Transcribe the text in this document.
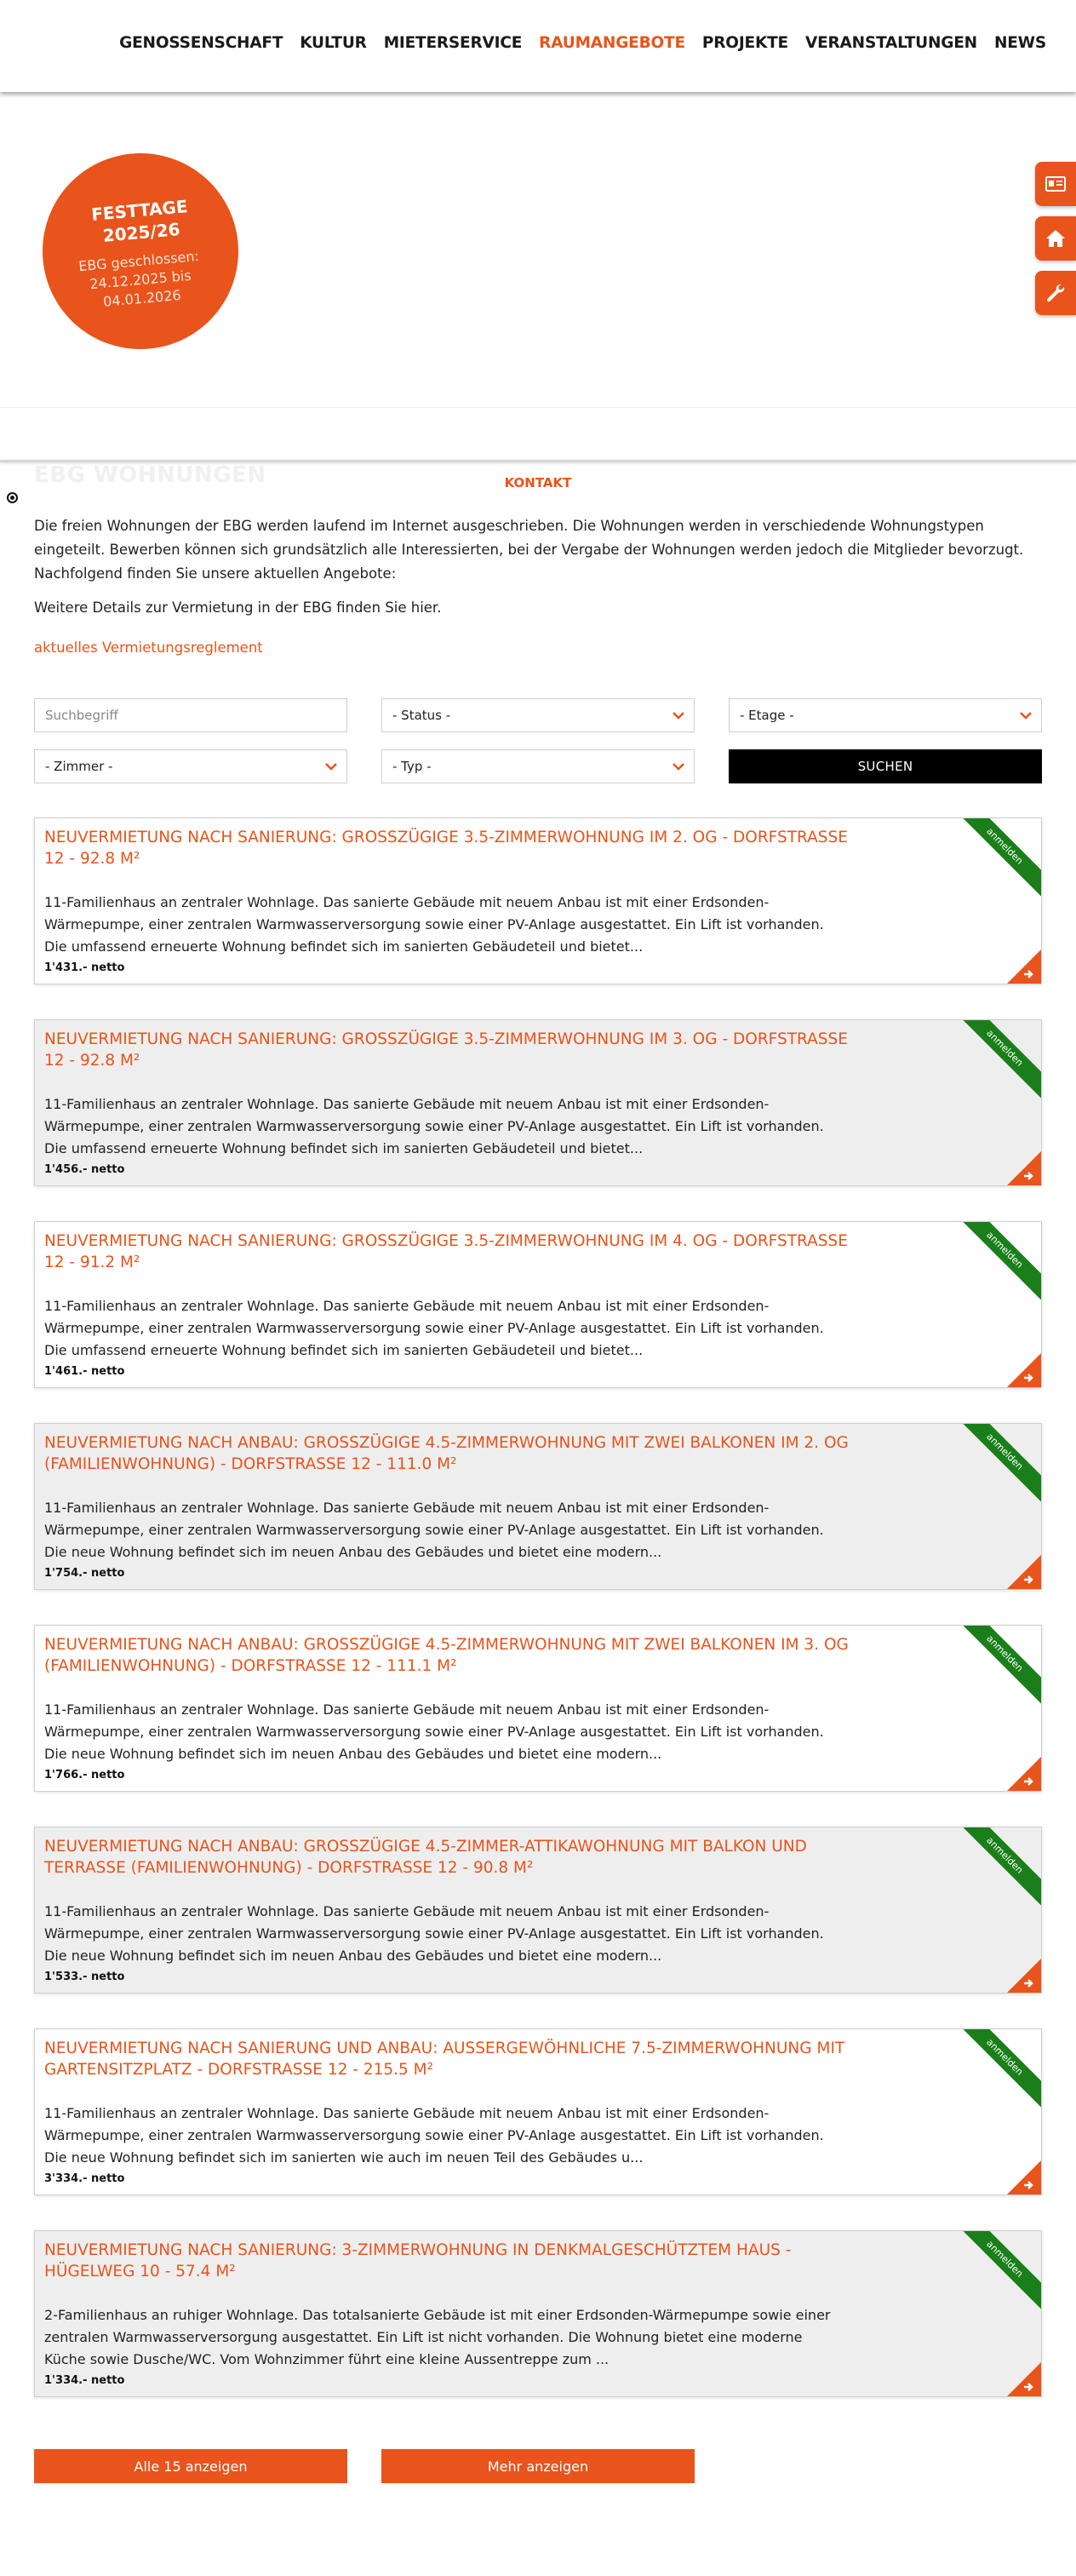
GENOSSENSCHAFT KULTUR MIETERSERVICE RAUMANGEBOTE PROJEKTE VERANSTALTUNGEN NEWS
FESTTAGE
2025/26
EBG geschlossen:
24.12.2025 bis
04.01.2026
EBG WOHNUNGEN	KONTAKT

Die freien Wohnungen der EBG werden laufend im Internet ausgeschrieben. Die Wohnungen werden in verschiedende Wohnungstypen eingeteilt. Bewerben können sich grundsätzlich alle Interessierten, bei der Vergabe der Wohnungen werden jedoch die Mitglieder bevorzugt. Nachfolgend finden Sie unsere aktuellen Angebote:

Weitere Details zur Vermietung in der EBG finden Sie hier.

aktuelles Vermietungsreglement
Suchbegriff
- Status -	- Etage -
- Zimmer -	- Typ -	SUCHEN
NEUVERMIETUNG NACH SANIERUNG: GROSSZÜGIGE 3.5-ZIMMERWOHNUNG IM 2. OG - DORFSTRASSE 12 - 92.8 M²
11-Familienhaus an zentraler Wohnlage. Das sanierte Gebäude mit neuem Anbau ist mit einer Erdsonden-Wärmepumpe, einer zentralen Warmwasserversorgung sowie einer PV-Anlage ausgestattet. Ein Lift ist vorhanden. Die umfassend erneuerte Wohnung befindet sich im sanierten Gebäudeteil und bietet...
1'431.- netto
anmelden
NEUVERMIETUNG NACH SANIERUNG: GROSSZÜGIGE 3.5-ZIMMERWOHNUNG IM 3. OG - DORFSTRASSE 12 - 92.8 M²
11-Familienhaus an zentraler Wohnlage. Das sanierte Gebäude mit neuem Anbau ist mit einer Erdsonden-Wärmepumpe, einer zentralen Warmwasserversorgung sowie einer PV-Anlage ausgestattet. Ein Lift ist vorhanden. Die umfassend erneuerte Wohnung befindet sich im sanierten Gebäudeteil und bietet...
1'456.- netto
anmelden
NEUVERMIETUNG NACH SANIERUNG: GROSSZÜGIGE 3.5-ZIMMERWOHNUNG IM 4. OG - DORFSTRASSE 12 - 91.2 M²
11-Familienhaus an zentraler Wohnlage. Das sanierte Gebäude mit neuem Anbau ist mit einer Erdsonden-Wärmepumpe, einer zentralen Warmwasserversorgung sowie einer PV-Anlage ausgestattet. Ein Lift ist vorhanden. Die umfassend erneuerte Wohnung befindet sich im sanierten Gebäudeteil und bietet...
1'461.- netto
anmelden
NEUVERMIETUNG NACH ANBAU: GROSSZÜGIGE 4.5-ZIMMERWOHNUNG MIT ZWEI BALKONEN IM 2. OG (FAMILIENWOHNUNG) - DORFSTRASSE 12 - 111.0 M²
11-Familienhaus an zentraler Wohnlage. Das sanierte Gebäude mit neuem Anbau ist mit einer Erdsonden-Wärmepumpe, einer zentralen Warmwasserversorgung sowie einer PV-Anlage ausgestattet. Ein Lift ist vorhanden. Die neue Wohnung befindet sich im neuen Anbau des Gebäudes und bietet eine modern...
1'754.- netto
anmelden
NEUVERMIETUNG NACH ANBAU: GROSSZÜGIGE 4.5-ZIMMERWOHNUNG MIT ZWEI BALKONEN IM 3. OG (FAMILIENWOHNUNG) - DORFSTRASSE 12 - 111.1 M²
11-Familienhaus an zentraler Wohnlage. Das sanierte Gebäude mit neuem Anbau ist mit einer Erdsonden-Wärmepumpe, einer zentralen Warmwasserversorgung sowie einer PV-Anlage ausgestattet. Ein Lift ist vorhanden. Die neue Wohnung befindet sich im neuen Anbau des Gebäudes und bietet eine modern...
1'766.- netto
anmelden
NEUVERMIETUNG NACH ANBAU: GROSSZÜGIGE 4.5-ZIMMER-ATTIKAWOHNUNG MIT BALKON UND TERRASSE (FAMILIENWOHNUNG) - DORFSTRASSE 12 - 90.8 M²
11-Familienhaus an zentraler Wohnlage. Das sanierte Gebäude mit neuem Anbau ist mit einer Erdsonden-Wärmepumpe, einer zentralen Warmwasserversorgung sowie einer PV-Anlage ausgestattet. Ein Lift ist vorhanden. Die neue Wohnung befindet sich im neuen Anbau des Gebäudes und bietet eine modern...
1'533.- netto
anmelden
NEUVERMIETUNG NACH SANIERUNG UND ANBAU: AUSSERGEWÖHNLICHE 7.5-ZIMMERWOHNUNG MIT GARTENSITZPLATZ - DORFSTRASSE 12 - 215.5 M²
11-Familienhaus an zentraler Wohnlage. Das sanierte Gebäude mit neuem Anbau ist mit einer Erdsonden-Wärmepumpe, einer zentralen Warmwasserversorgung sowie einer PV-Anlage ausgestattet. Ein Lift ist vorhanden. Die neue Wohnung befindet sich im sanierten wie auch im neuen Teil des Gebäudes u...
3'334.- netto
anmelden
NEUVERMIETUNG NACH SANIERUNG: 3-ZIMMERWOHNUNG IN DENKMALGESCHÜTZTEM HAUS - HÜGELWEG 10 - 57.4 M²
2-Familienhaus an ruhiger Wohnlage. Das totalsanierte Gebäude ist mit einer Erdsonden-Wärmepumpe sowie einer zentralen Warmwasserversorgung ausgestattet. Ein Lift ist nicht vorhanden. Die Wohnung bietet eine moderne Küche sowie Dusche/WC. Vom Wohnzimmer führt eine kleine Aussentreppe zum ...
1'334.- netto
anmelden
Alle 15 anzeigen	Mehr anzeigen
